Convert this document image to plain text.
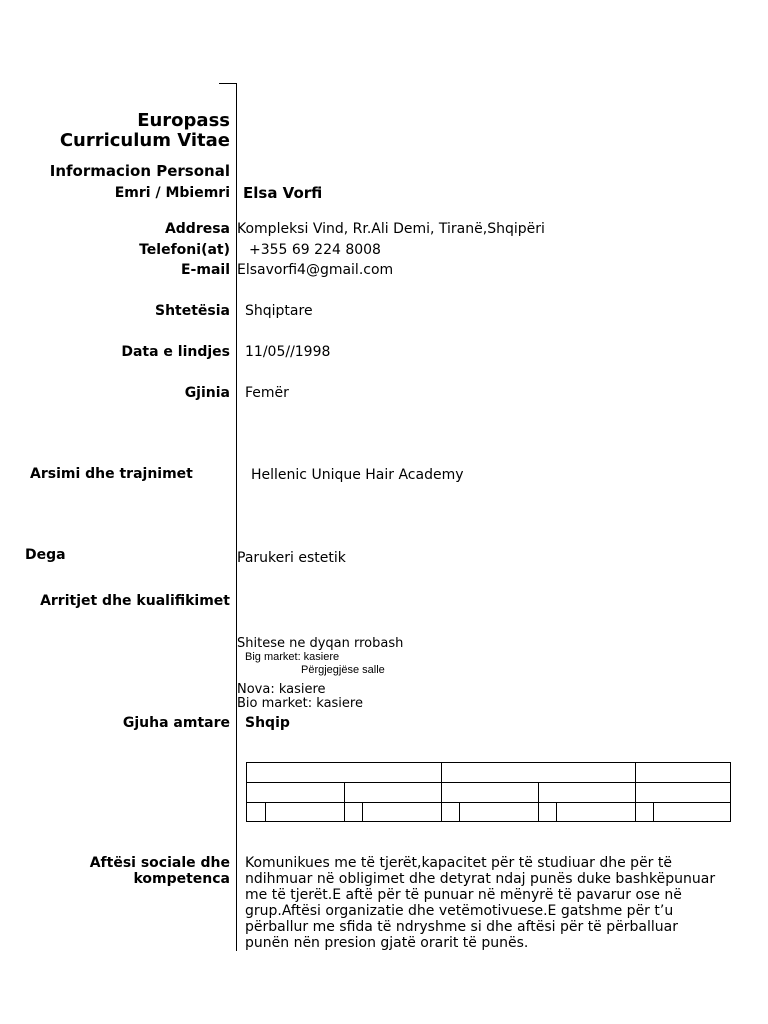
Europass
Curriculum Vitae
Informacion Personal
Emri / Mbiemri Elsa Vorfi
Addresa Kompleksi Vind, Rr.Ali Demi, Tiranë,Shqipëri
Telefoni(at) +355 69 224 8008
E-mail Elsavorfi4@gmail.com
Shtetësia Shqiptare
Data e lindjes 11/05//1998
Gjinia Femër
Arsimi dhe trajnimet	Hellenic Unique Hair Academy
Dega	Parukeri estetik
Arritjet dhe kualifikimet
Shitese ne dyqan rrobash
Big market: kasiere
Përgjegjëse salle
Nova: kasiere
Bio market: kasiere
Gjuha amtare Shqip
Aftësi sociale dhe
kompetenca
Komunikues me të tjerët,kapacitet për të studiuar dhe për të
ndihmuar në obligimet dhe detyrat ndaj punës duke bashkëpunuar
me të tjerët.E aftë për të punuar në mënyrë të pavarur ose në
grup.Aftësi organizatie dhe vetëmotivuese.E gatshme për t’u
përballur me sfida të ndryshme si dhe aftësi për të përballuar
punën nën presion gjatë orarit të punës.
